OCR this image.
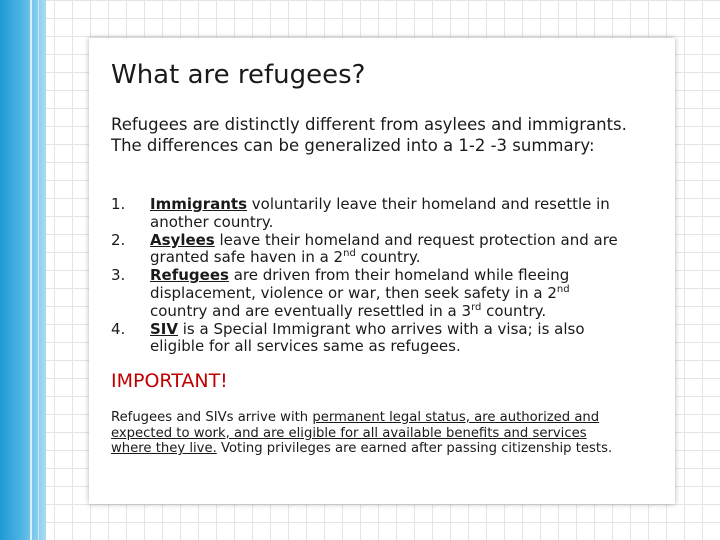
What are refugees?

Refugees are distinctly different from asylees and immigrants. The differences can be generalized into a 1-2 -3 summary:

1. Immigrants voluntarily leave their homeland and resettle in another country.
2. Asylees leave their homeland and request protection and are granted safe haven in a 2nd country.
3. Refugees are driven from their homeland while fleeing displacement, violence or war, then seek safety in a 2nd country and are eventually resettled in a 3rd country.
4. SIV is a Special Immigrant who arrives with a visa; is also eligible for all services same as refugees.

IMPORTANT!

Refugees and SIVs arrive with permanent legal status, are authorized and expected to work, and are eligible for all available benefits and services where they live. Voting privileges are earned after passing citizenship tests.
